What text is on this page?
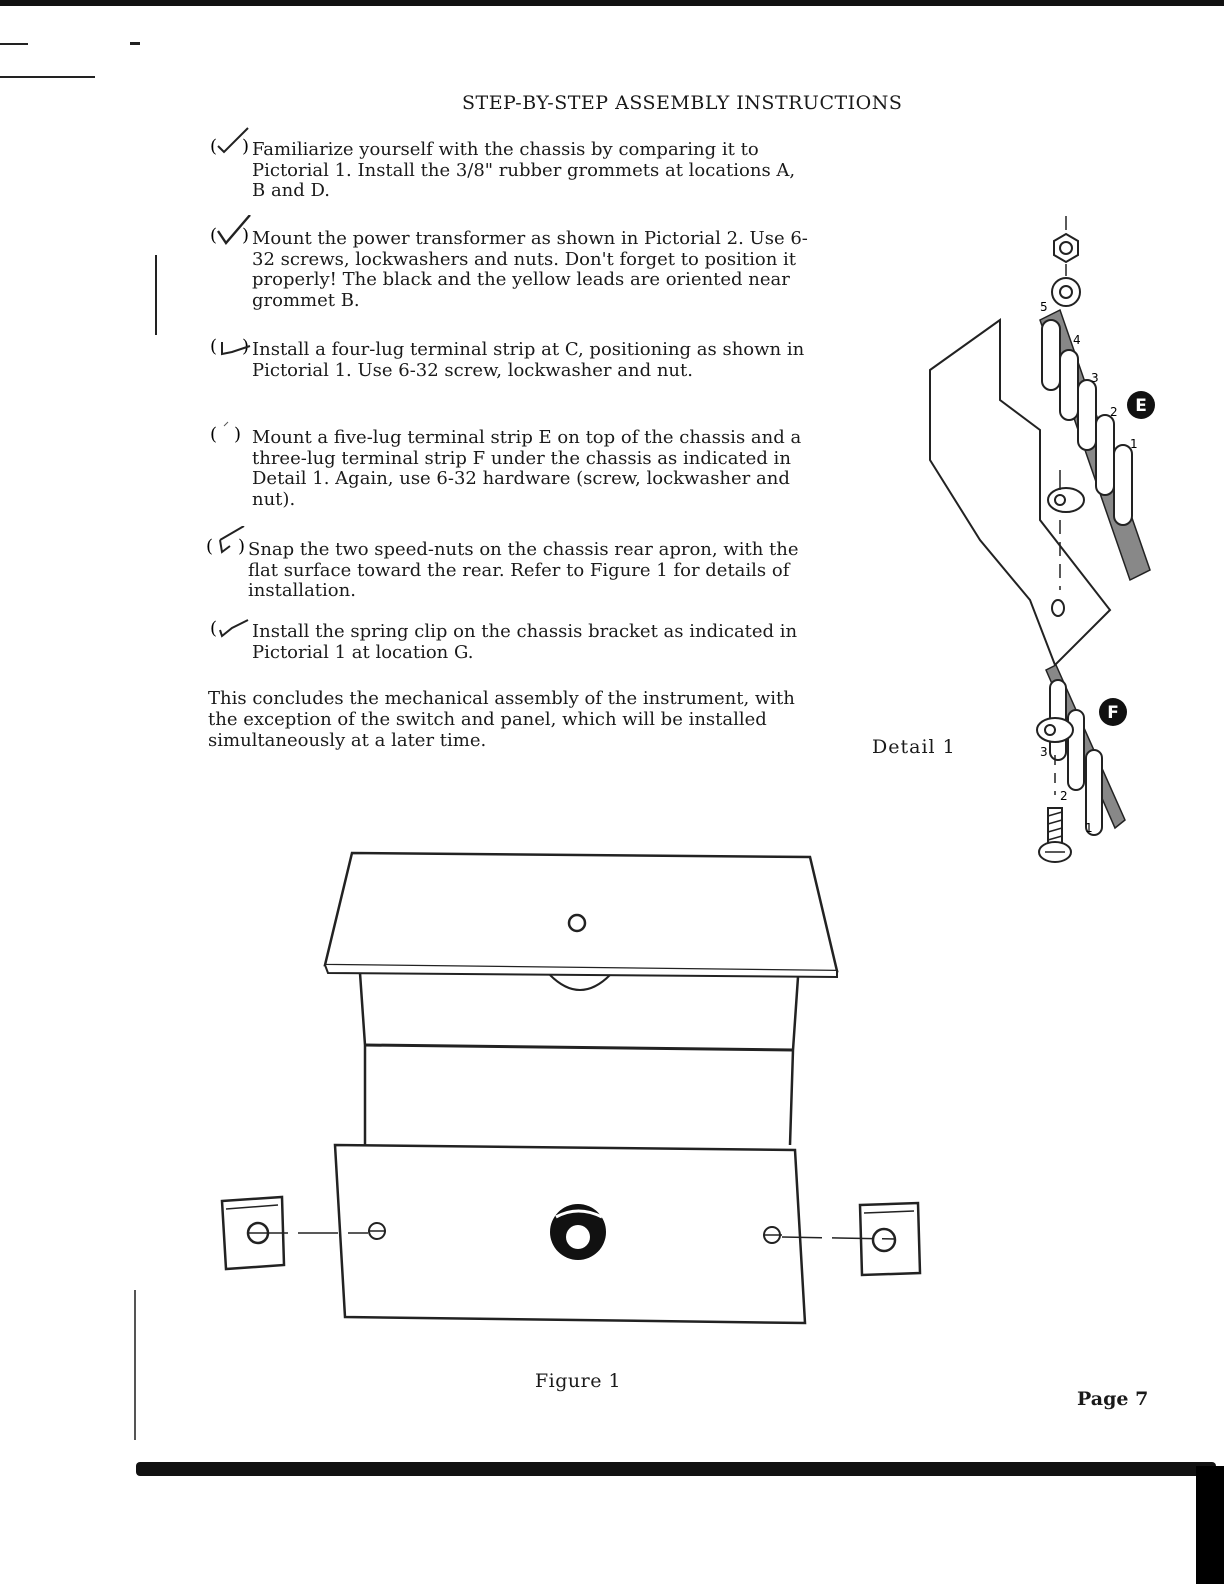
STEP-BY-STEP ASSEMBLY INSTRUCTIONS
( ) Familiarize yourself with the chassis by comparing it to Pictorial 1. Install the 3/8" rubber grommets at locations A, B and D.
( ) Mount the power transformer as shown in Pictorial 2. Use 6-32 screws, lockwashers and nuts. Don't forget to position it properly! The black and the yellow leads are oriented near grommet B.
( ) Install a four-lug terminal strip at C, positioning as shown in Pictorial 1. Use 6-32 screw, lockwasher and nut.
( ) Mount a five-lug terminal strip E on top of the chassis and a three-lug terminal strip F under the chassis as indicated in Detail 1. Again, use 6-32 hardware (screw, lockwasher and nut).
( ) Snap the two speed-nuts on the chassis rear apron, with the flat surface toward the rear. Refer to Figure 1 for details of installation.
( Install the spring clip on the chassis bracket as indicated in Pictorial 1 at location G.
This concludes the mechanical assembly of the instrument, with the exception of the switch and panel, which will be installed simultaneously at a later time.
5
4
3
2
1
E
3
2
1
F
Detail 1
Figure 1
Page 7
